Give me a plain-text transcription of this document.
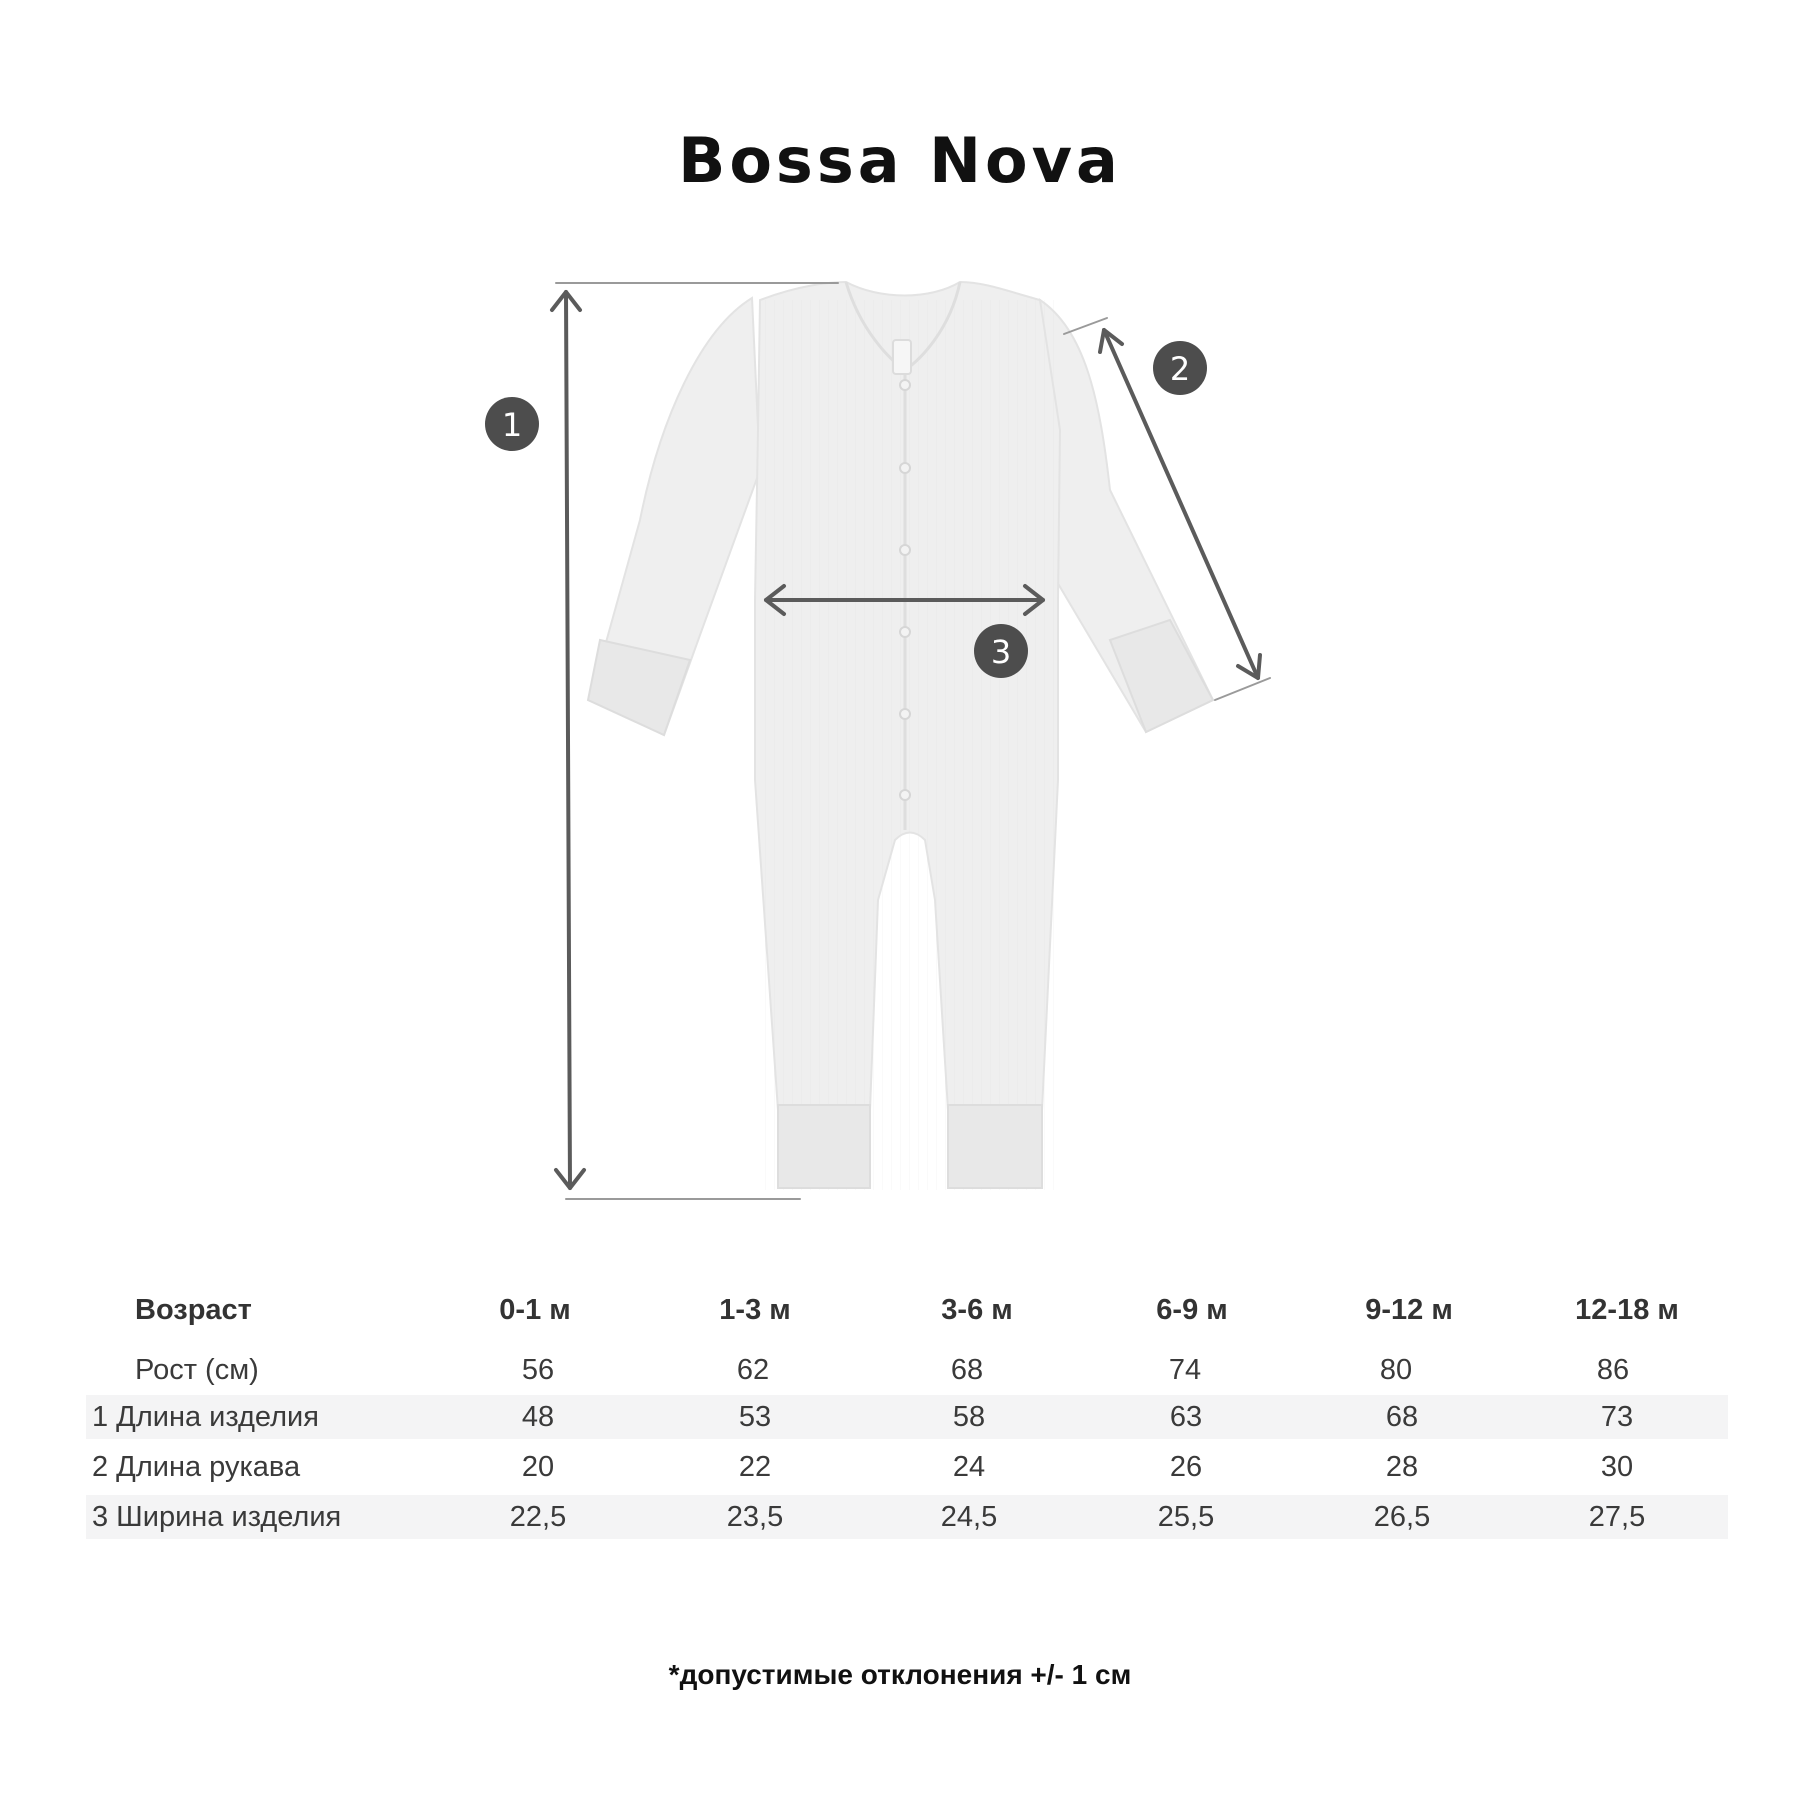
Bossa Nova
1
2
3
Возраст	0-1 м	1-3 м	3-6 м	6-9 м	9-12 м	12-18 м
Рост (см)	56	62	68	74	80	86
1 Длина изделия	48	53	58	63	68	73
2 Длина рукава	20	22	24	26	28	30
3 Ширина изделия	22,5	23,5	24,5	25,5	26,5	27,5
*допустимые отклонения +/- 1 см
